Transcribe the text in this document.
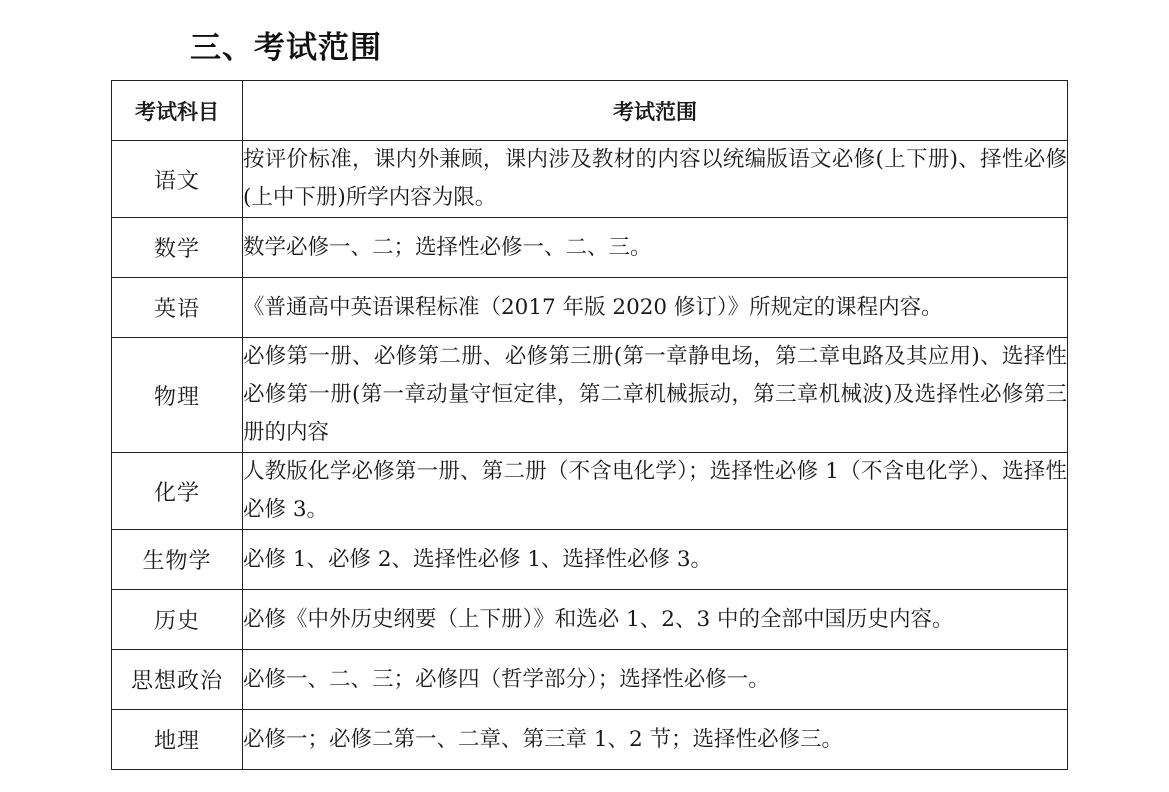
三、考试范围
考试科目	考试范围
语文	按评价标准，课内外兼顾，课内涉及教材的内容以统编版语文必修(上下册)、择性必修(上中下册)所学内容为限。
数学	数学必修一、二；选择性必修一、二、三。
英语	《普通高中英语课程标准（2017 年版 2020 修订）》所规定的课程内容。
物理	必修第一册、必修第二册、必修第三册(第一章静电场，第二章电路及其应用)、选择性必修第一册(第一章动量守恒定律，第二章机械振动，第三章机械波)及选择性必修第三册的内容
化学	人教版化学必修第一册、第二册（不含电化学）；选择性必修 1（不含电化学）、选择性必修 3。
生物学	必修 1、必修 2、选择性必修 1、选择性必修 3。
历史	必修《中外历史纲要（上下册）》和选必 1、2、3 中的全部中国历史内容。
思想政治	必修一、二、三；必修四（哲学部分）；选择性必修一。
地理	必修一；必修二第一、二章、第三章 1、2 节；选择性必修三。
